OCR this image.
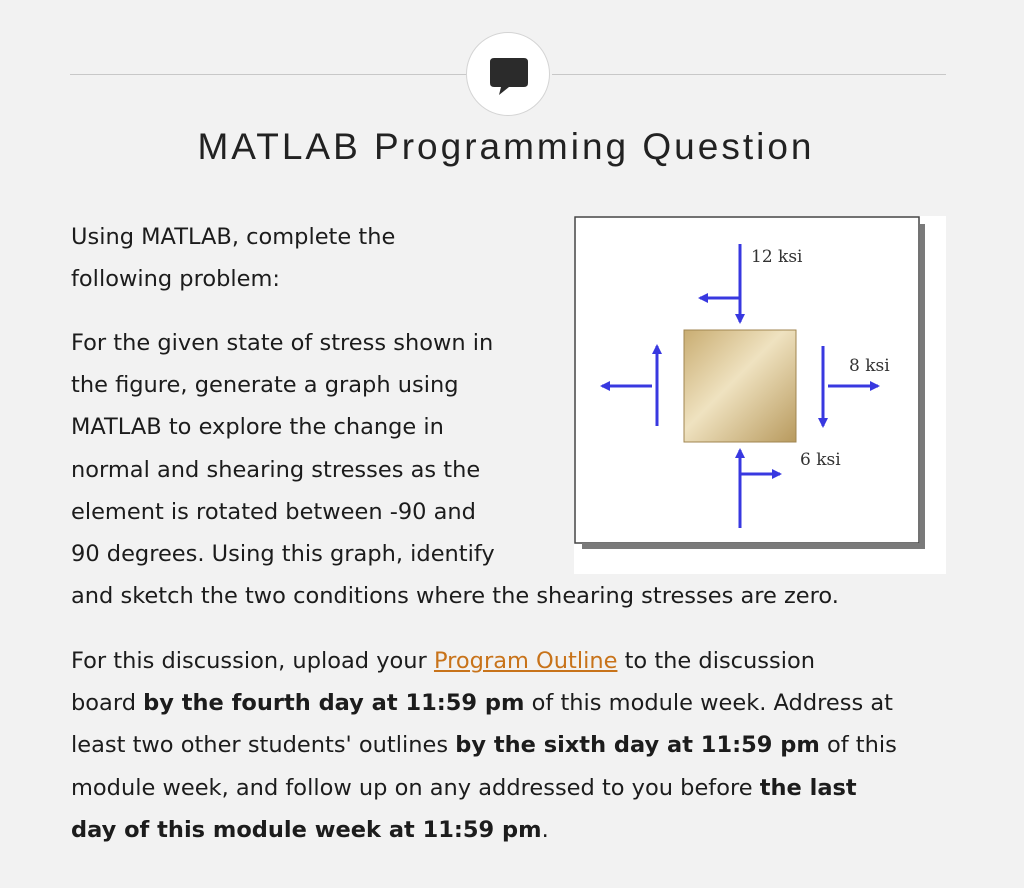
MATLAB Programming Question
12 ksi
8 ksi
6 ksi

Using MATLAB, complete the
following problem:

For the given state of stress shown in
the figure, generate a graph using
MATLAB to explore the change in
normal and shearing stresses as the
element is rotated between -90 and
90 degrees. Using this graph, identify
and sketch the two conditions where the shearing stresses are zero.

For this discussion, upload your Program Outline to the discussion
board by the fourth day at 11:59 pm of this module week. Address at
least two other students' outlines by the sixth day at 11:59 pm of this
module week, and follow up on any addressed to you before the last
day of this module week at 11:59 pm.
